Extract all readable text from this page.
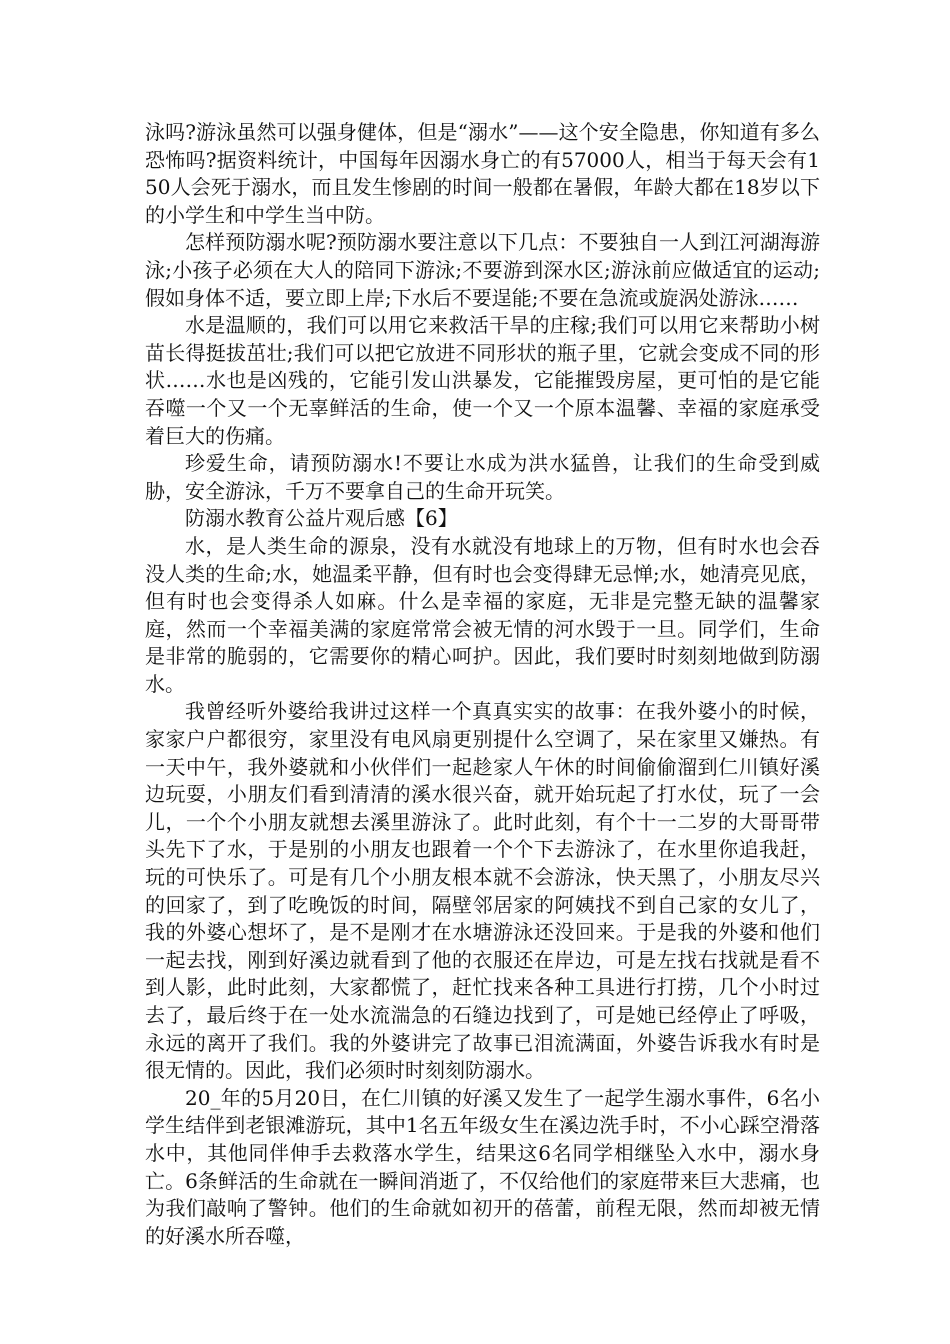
泳吗?游泳虽然可以强身健体，但是“溺水”——这个安全隐患，你知道有多么恐怖吗?据资料统计，中国每年因溺水身亡的有57000人，相当于每天会有150人会死于溺水，而且发生惨剧的时间一般都在暑假，年龄大都在18岁以下的小学生和中学生当中防。

怎样预防溺水呢?预防溺水要注意以下几点：不要独自一人到江河湖海游泳;小孩子必须在大人的陪同下游泳;不要游到深水区;游泳前应做适宜的运动;假如身体不适，要立即上岸;下水后不要逞能;不要在急流或旋涡处游泳……

水是温顺的，我们可以用它来救活干旱的庄稼;我们可以用它来帮助小树苗长得挺拔茁壮;我们可以把它放进不同形状的瓶子里，它就会变成不同的形状……水也是凶残的，它能引发山洪暴发，它能摧毁房屋，更可怕的是它能吞噬一个又一个无辜鲜活的生命，使一个又一个原本温馨、幸福的家庭承受着巨大的伤痛。

珍爱生命，请预防溺水!不要让水成为洪水猛兽，让我们的生命受到威胁，安全游泳，千万不要拿自己的生命开玩笑。

防溺水教育公益片观后感【6】

水，是人类生命的源泉，没有水就没有地球上的万物，但有时水也会吞没人类的生命;水，她温柔平静，但有时也会变得肆无忌惮;水，她清亮见底，但有时也会变得杀人如麻。什么是幸福的家庭，无非是完整无缺的温馨家庭，然而一个幸福美满的家庭常常会被无情的河水毁于一旦。同学们，生命是非常的脆弱的，它需要你的精心呵护。因此，我们要时时刻刻地做到防溺水。

我曾经听外婆给我讲过这样一个真真实实的故事：在我外婆小的时候，家家户户都很穷，家里没有电风扇更别提什么空调了，呆在家里又嫌热。有一天中午，我外婆就和小伙伴们一起趁家人午休的时间偷偷溜到仁川镇好溪边玩耍，小朋友们看到清清的溪水很兴奋，就开始玩起了打水仗，玩了一会儿，一个个小朋友就想去溪里游泳了。此时此刻，有个十一二岁的大哥哥带头先下了水，于是别的小朋友也跟着一个个下去游泳了，在水里你追我赶，玩的可快乐了。可是有几个小朋友根本就不会游泳，快天黑了，小朋友尽兴的回家了，到了吃晚饭的时间，隔壁邻居家的阿姨找不到自己家的女儿了，我的外婆心想坏了，是不是刚才在水塘游泳还没回来。于是我的外婆和他们一起去找，刚到好溪边就看到了他的衣服还在岸边，可是左找右找就是看不到人影，此时此刻，大家都慌了，赶忙找来各种工具进行打捞，几个小时过去了，最后终于在一处水流湍急的石缝边找到了，可是她已经停止了呼吸，永远的离开了我们。我的外婆讲完了故事已泪流满面，外婆告诉我水有时是很无情的。因此，我们必须时时刻刻防溺水。

20_年的5月20日，在仁川镇的好溪又发生了一起学生溺水事件，6名小学生结伴到老银滩游玩，其中1名五年级女生在溪边洗手时，不小心踩空滑落水中，其他同伴伸手去救落水学生，结果这6名同学相继坠入水中，溺水身亡。6条鲜活的生命就在一瞬间消逝了，不仅给他们的家庭带来巨大悲痛，也为我们敲响了警钟。他们的生命就如初开的蓓蕾，前程无限，然而却被无情的好溪水所吞噬，
